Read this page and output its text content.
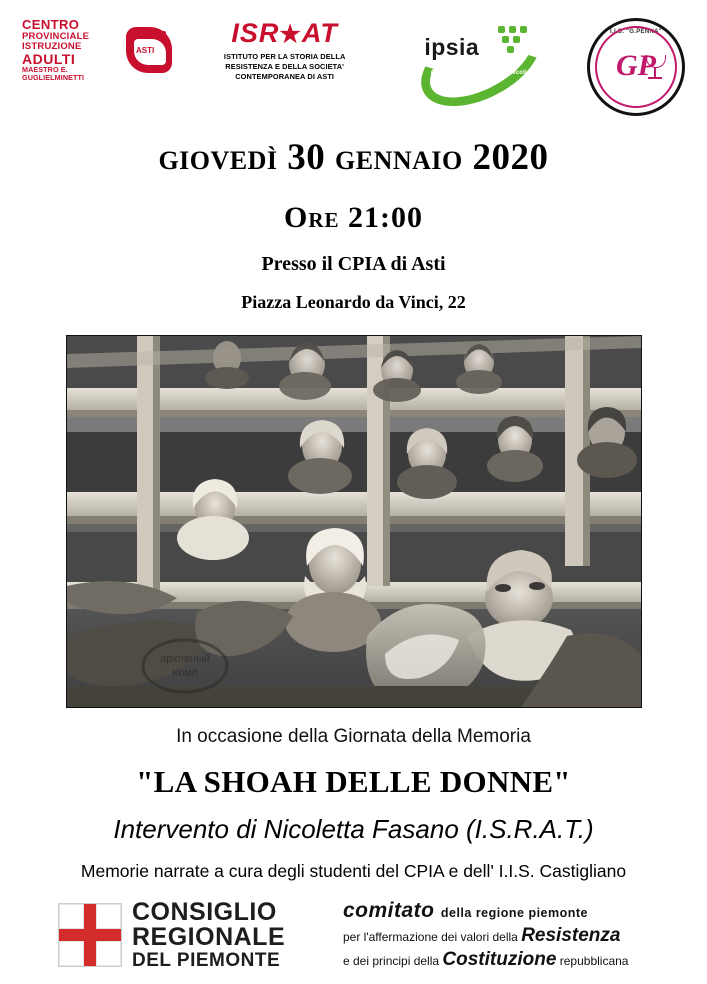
CENTRO
PROVINCIALE
ISTRUZIONE
ADULTI
MAESTRO E. GUGLIELMINETTI
ASTI
ISR★AT
ISTITUTO PER LA STORIA DELLA RESISTENZA E DELLA SOCIETA' CONTEMPORANEA DI ASTI
ipsia
Arte e Cambiamento Due Secoli
I.I.S. "G.PENNA"
GP
giovedì 30 gennaio 2020
Ore 21:00
Presso il CPIA di Asti
Piazza Leonardo da Vinci, 22
apxnвный
Комп
In occasione della Giornata della Memoria
"LA SHOAH DELLE DONNE"
Intervento di Nicoletta Fasano (I.S.R.A.T.)
Memorie narrate a cura degli studenti del CPIA e dell' I.I.S. Castigliano
CONSIGLIO
REGIONALE
DEL PIEMONTE
comitato della regione piemonte
per l'affermazione dei valori della Resistenza
e dei principi della Costituzione repubblicana
